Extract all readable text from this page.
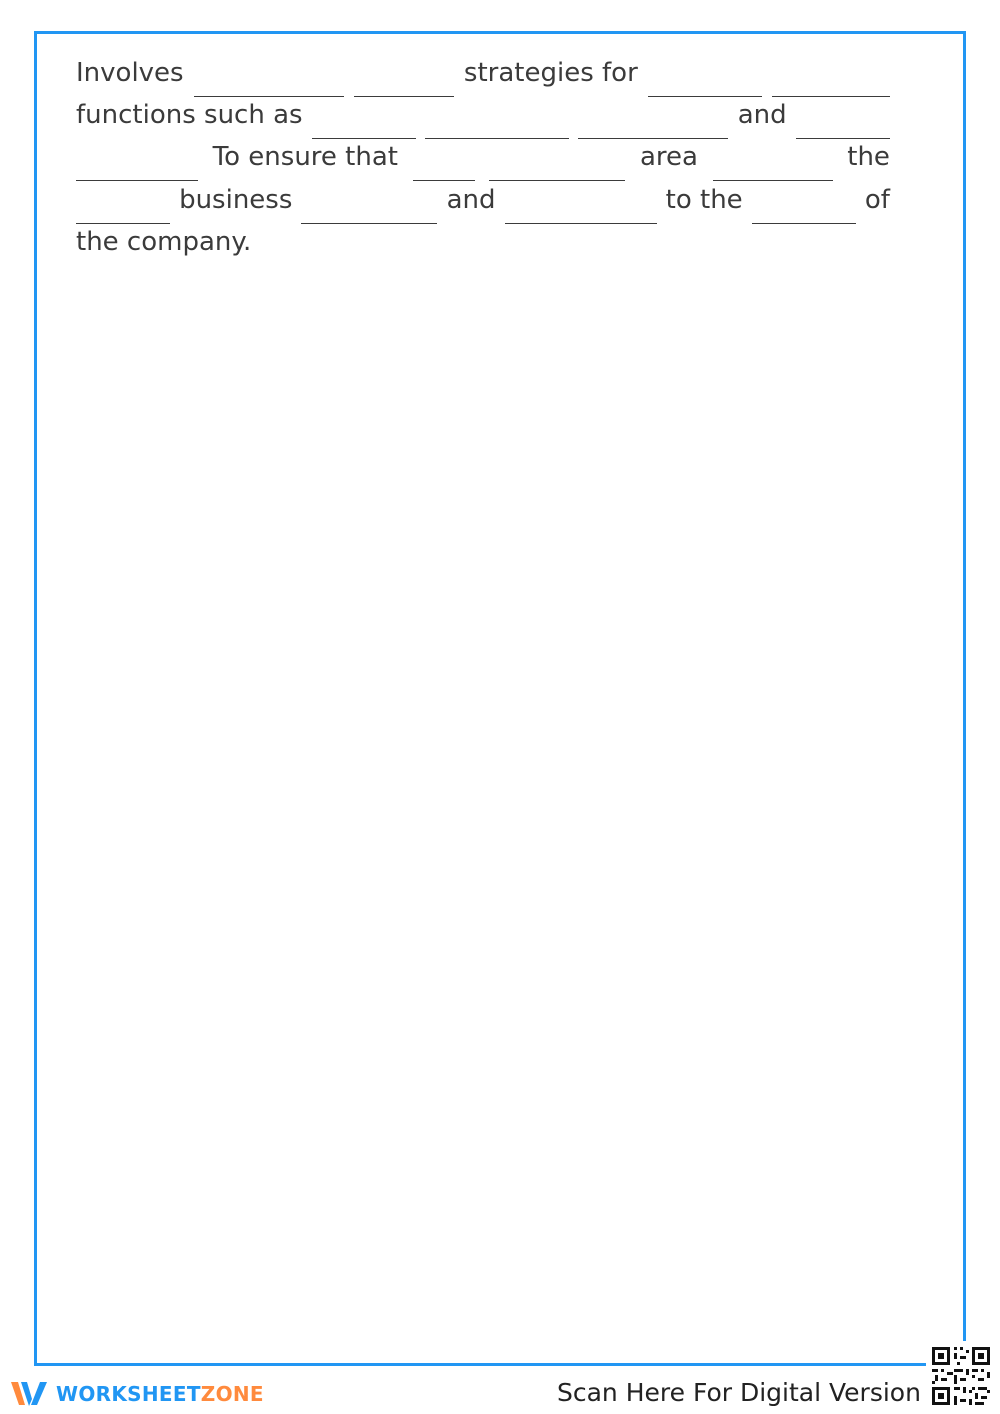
Involves	strategies for
functions such as	and
To ensure that	area	the
business	and	to the	of
the company.
WORKSHEETZONE	Scan Here For Digital Version
